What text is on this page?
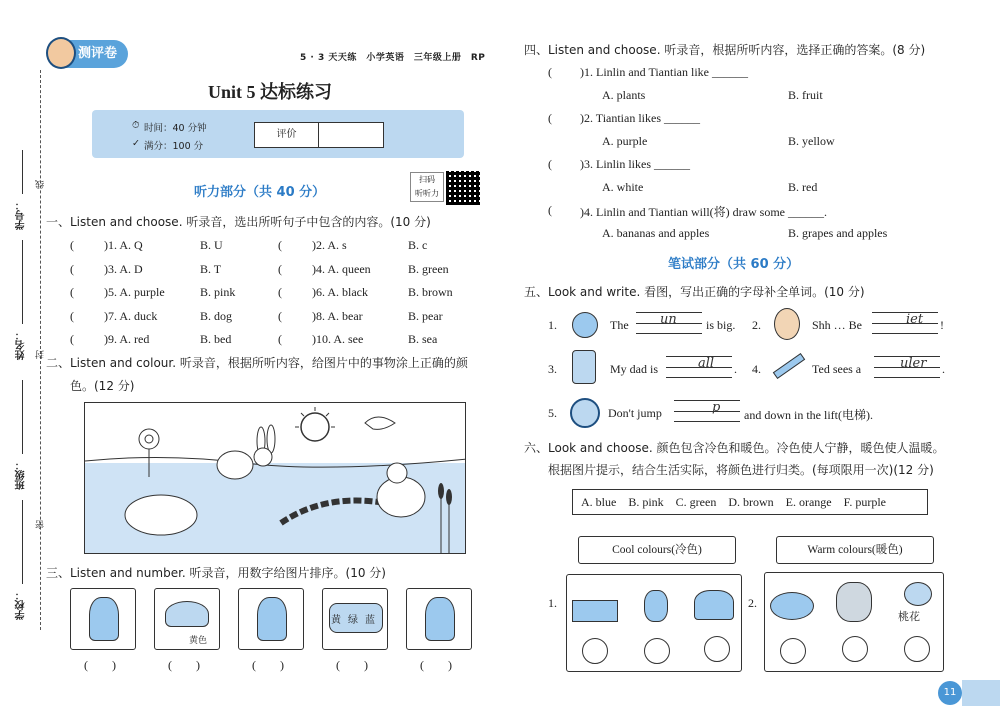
学号：
线
姓名： 封
班级：
密
学校：
测评卷	5 · 3 天天练　小学英语　三年级上册　RP
Unit 5 达标练习
⏱ 时间：40 分钟
✓ 满分：100 分
评价
听力部分（共 40 分）
扫码
听听力
一、Listen and choose. 听录音，选出所听句子中包含的内容。(10 分)
(	)1. A. Q	B. U	(	)2. A. s	B. c
(	)3. A. D	B. T	(	)4. A. queen	B. green
(	)5. A. purple	B. pink	(	)6. A. black	B. brown
(	)7. A. duck	B. dog	(	)8. A. bear	B. pear
(	)9. A. red	B. bed	(	)10. A. see	B. sea
二、Listen and colour. 听录音，根据所听内容，给图片中的事物涂上正确的颜
色。(12 分)
三、Listen and number. 听录音，用数字给图片排序。(10 分)
(　　)
黄色
(　　)	(　　)
黄 绿 蓝
(　　)	(　　)
四、Listen and choose. 听录音，根据所听内容，选择正确的答案。(8 分)
( )1. Linlin and Tiantian like ______
A. plants	B. fruit
( )2. Tiantian likes ______
A. purple	B. yellow
( )3. Linlin likes ______
A. white	B. red
( )4. Linlin and Tiantian will(将) draw some ______.
A. bananas and apples	B. grapes and apples
笔试部分（共 60 分）
五、Look and write. 看图，写出正确的字母补全单词。(10 分)
1.	The un is big. 2.	Shh … Be	iet !
3.	My dad is	all . 4.	Ted sees a	uler .
5.	Don't jump	p and down in the lift(电梯).
六、Look and choose. 颜色包含冷色和暖色。冷色使人宁静，暖色使人温暖。
根据图片提示，结合生活实际，将颜色进行归类。(每项限用一次)(12 分)
A. blue　B. pink　C. green　D. brown　E. orange　F. purple
Cool colours(冷色)	Warm colours(暖色)
1.	2.
桃花
11
